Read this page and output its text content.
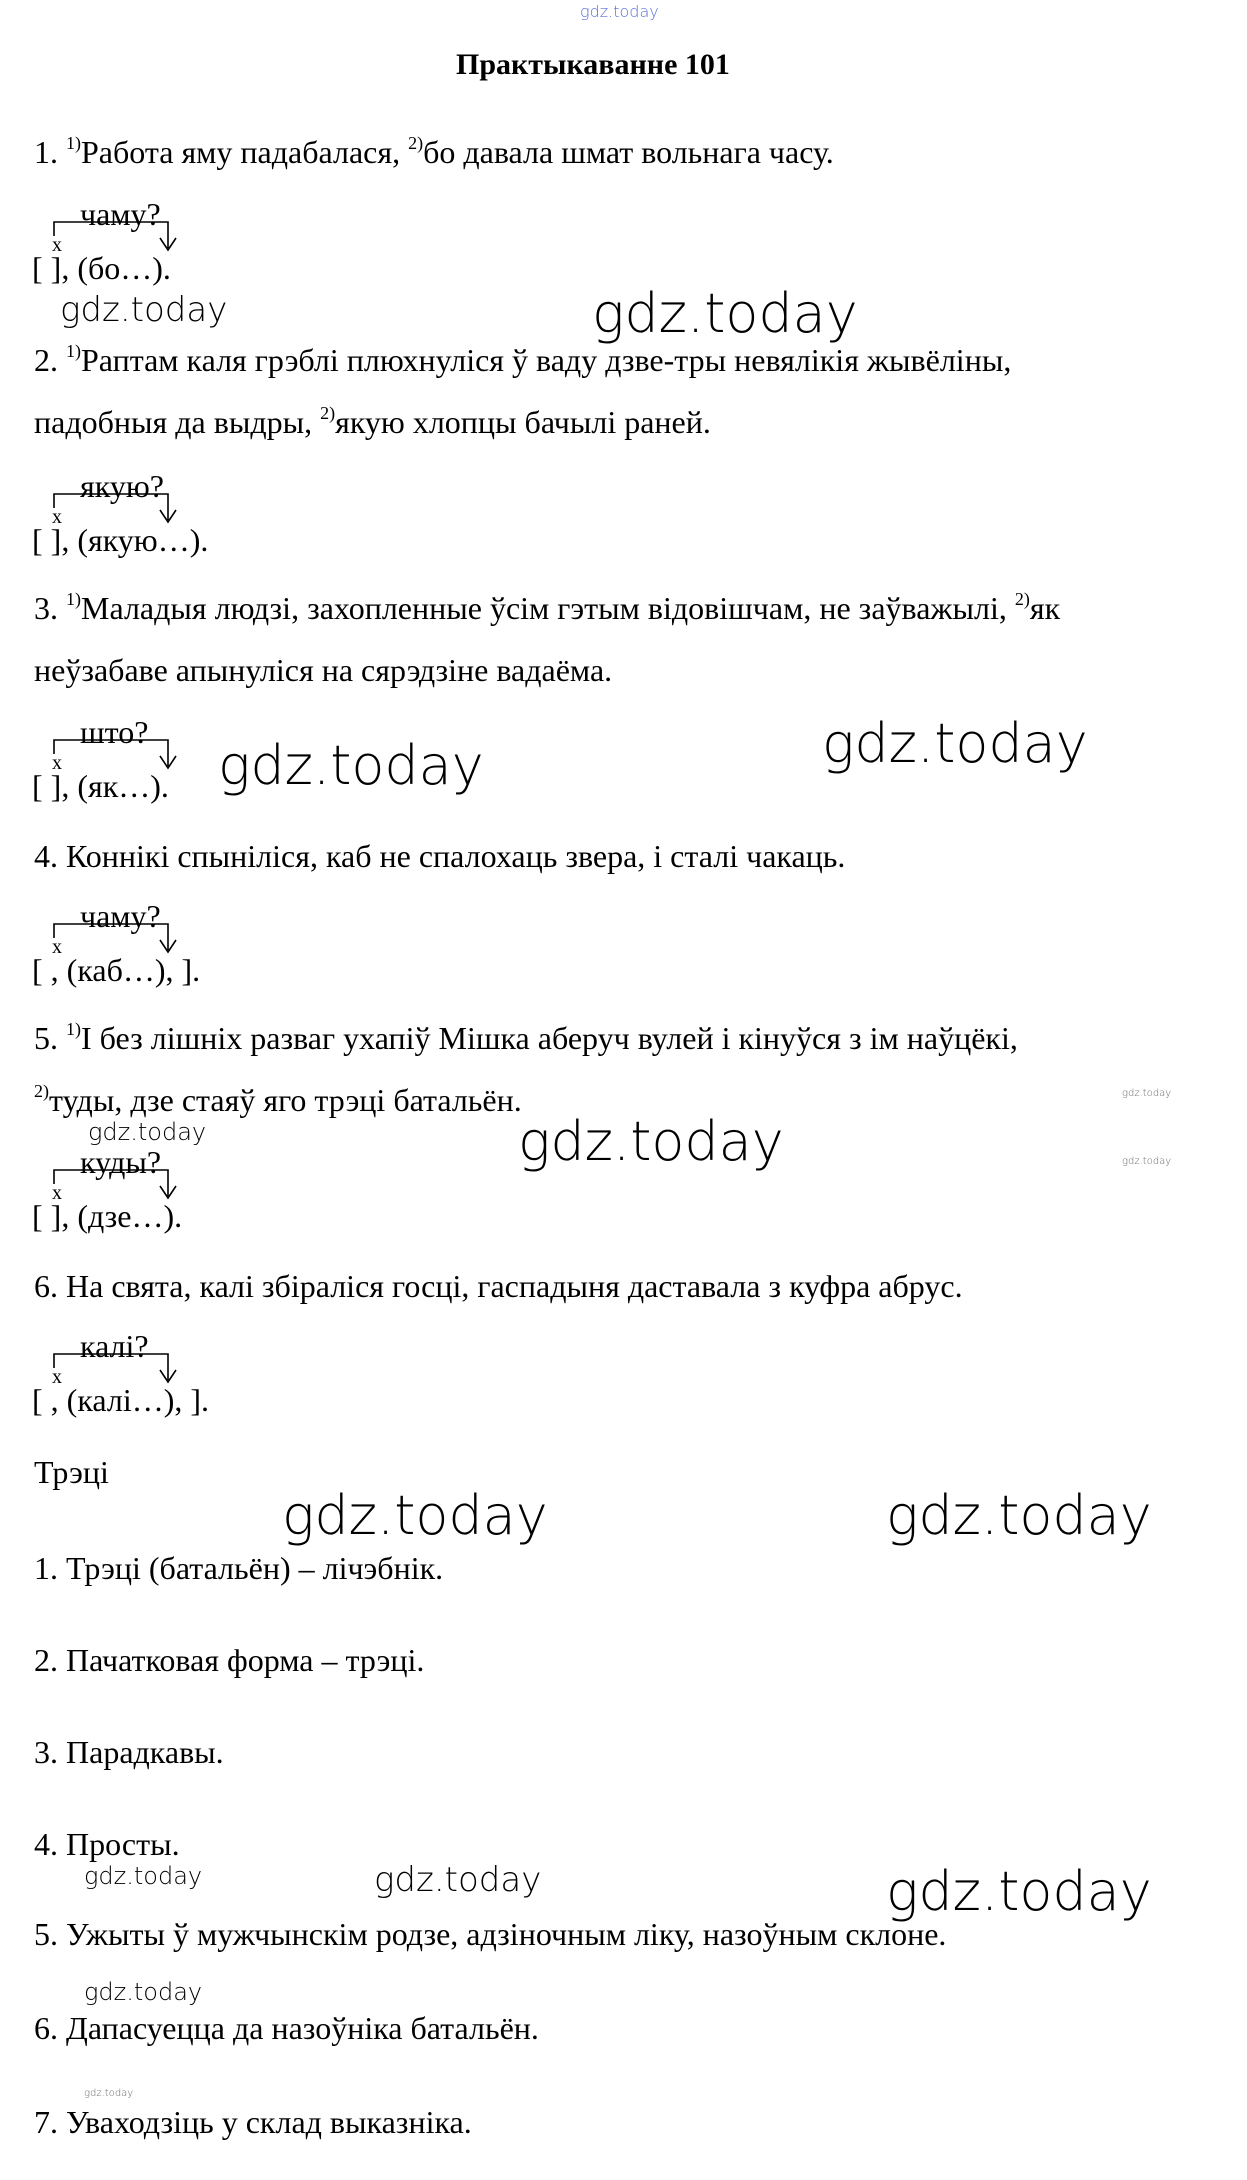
gdz.today
Практыкаванне 101
1. $^{1)}$Работа яму падабалася, $^{2)}$бо давала шмат вольнага часу.
чаму?
x
[ ], (бо…).
2. $^{1)}$Раптам каля грэблі плюхнуліся ў ваду дзве-тры невялікія жывёліны,
падобныя да выдры, $^{2)}$якую хлопцы бачылі раней.
якую?
x
[ ], (якую…).
3. $^{1)}$Маладыя людзі, захопленные ўсім гэтым відовішчам, не заўважылі, $^{2)}$як
неўзабаве апынуліся на сярэдзіне вадаёма.
што?
x
[ ], (як…).
4. Коннікі спыніліся, каб не спалохаць звера, і сталі чакаць.
чаму?
x
[ , (каб…), ].
5. $^{1)}$І без лішніх разваг ухапіў Мішка аберуч вулей і кінуўся з ім наўцёкі,
$^{2)}$туды, дзе стаяў яго трэці батальён.
куды?
x
[ ], (дзе…).
6. На свята, калі збіраліся госці, гаспадыня даставала з куфра абрус.
калі?
x
[ , (калі…), ].
Трэці
1. Трэці (батальён) – лічэбнік.
2. Пачатковая форма – трэці.
3. Парадкавы.
4. Просты.
5. Ужыты ў мужчынскім родзе, адзіночным ліку, назоўным склоне.
6. Дапасуецца да назоўніка батальён.
7. Уваходзіць у склад выказніка.
gdz.today	gdz.today
gdz.today	gdz.today
gdz.today	gdz.today
gdz.today
gdz.today
gdz.today	gdz.today
gdz.today	gdz.today	gdz.today
gdz.today
gdz.today
